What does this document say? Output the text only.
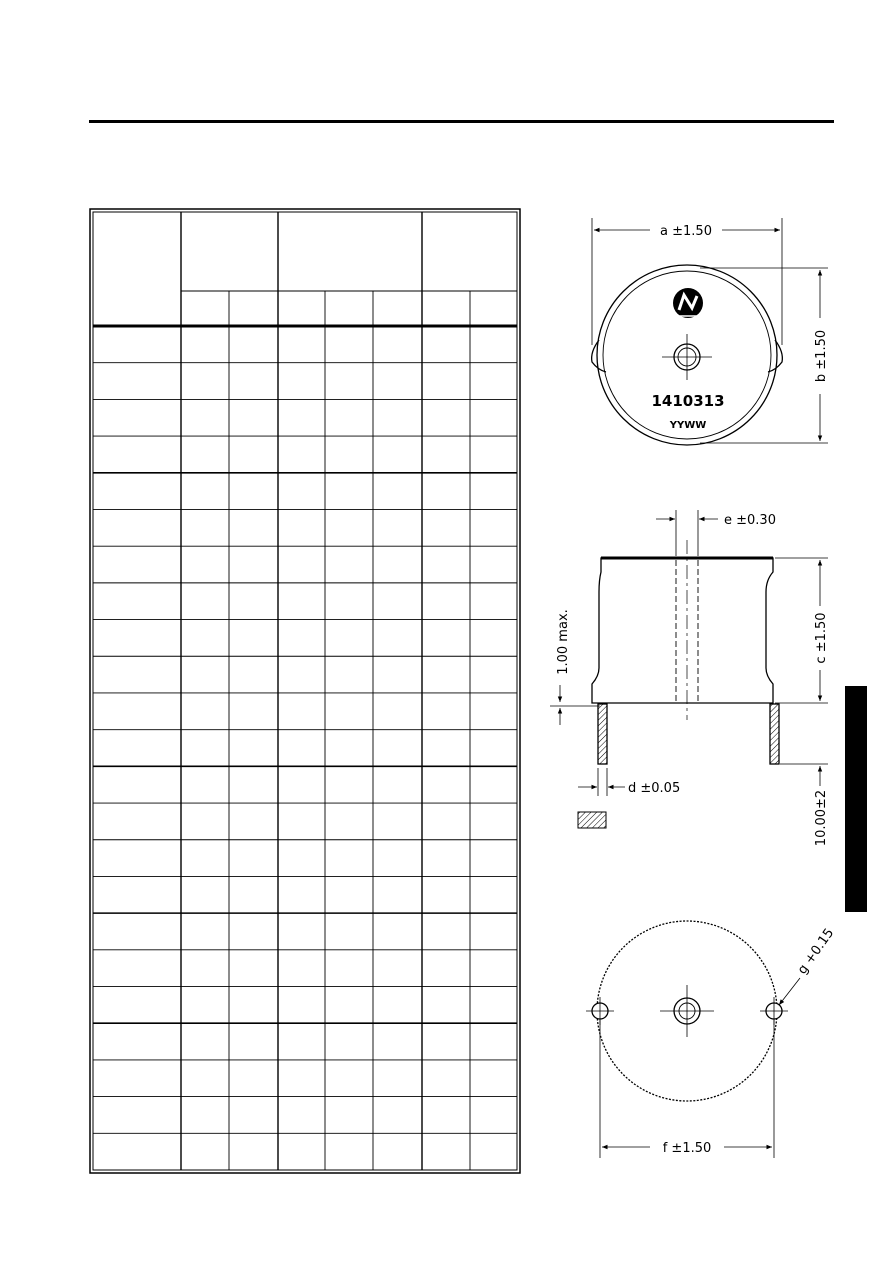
1410313
YYWW
a ±1.50
b ±1.50
e ±0.30
c ±1.50
1.00 max.
d ±0.05
10.00±2
f ±1.50
g +0.15
